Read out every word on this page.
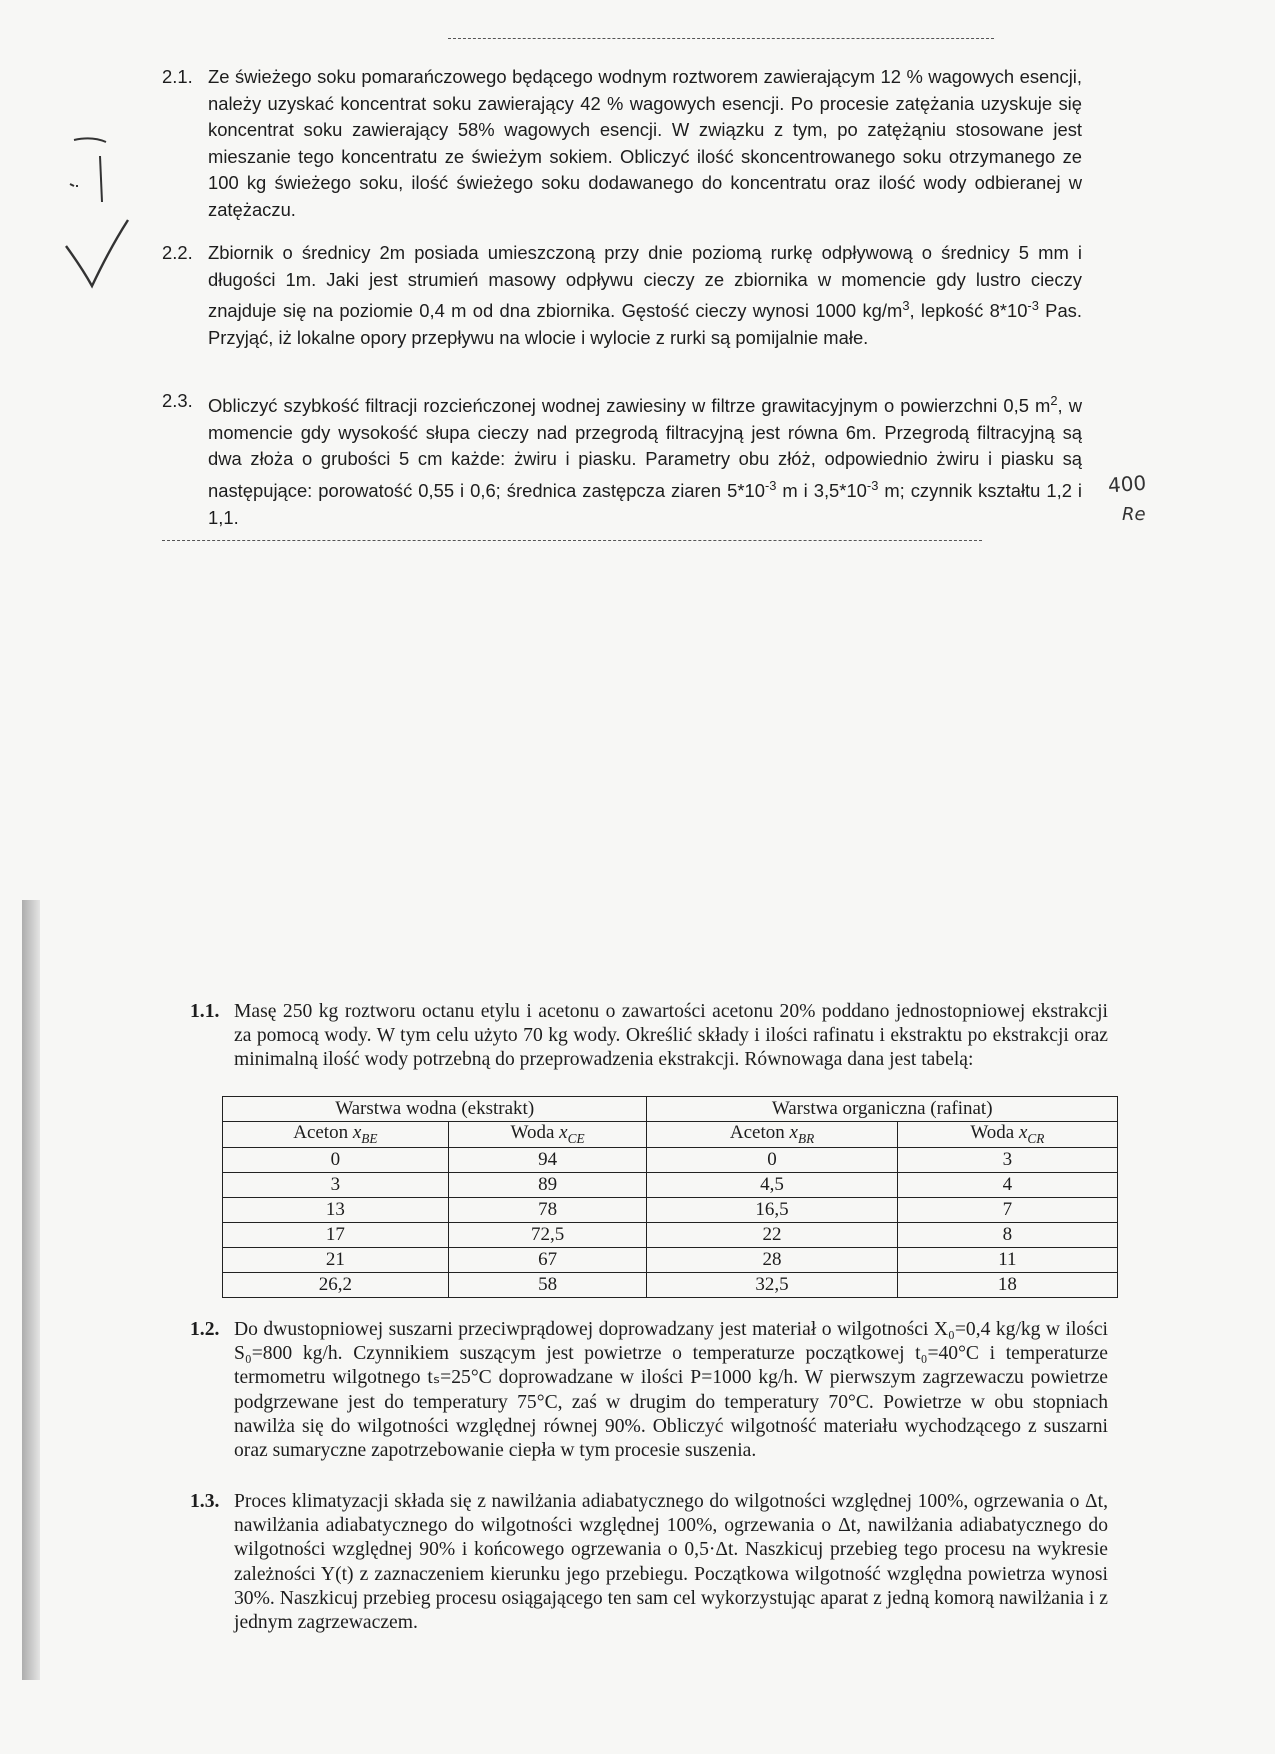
400
Re
2.1. Ze świeżego soku pomarańczowego będącego wodnym roztworem zawierającym 12 % wagowych esencji, należy uzyskać koncentrat soku zawierający 42 % wagowych esencji. Po procesie zatężania uzyskuje się koncentrat soku zawierający 58% wagowych esencji. W związku z tym, po zatężąniu stosowane jest mieszanie tego koncentratu ze świeżym sokiem. Obliczyć ilość skoncentrowanego soku otrzymanego ze 100 kg świeżego soku, ilość świeżego soku dodawanego do koncentratu oraz ilość wody odbieranej w zatężaczu.
2.2. Zbiornik o średnicy 2m posiada umieszczoną przy dnie poziomą rurkę odpływową o średnicy 5 mm i długości 1m. Jaki jest strumień masowy odpływu cieczy ze zbiornika w momencie gdy lustro cieczy znajduje się na poziomie 0,4 m od dna zbiornika. Gęstość cieczy wynosi 1000 $kg/m^3$, lepkość $8*10^{-3}$ Pas. Przyjąć, iż lokalne opory przepływu na wlocie i wylocie z rurki są pomijalnie małe.
2.3. Obliczyć szybkość filtracji rozcieńczonej wodnej zawiesiny w filtrze grawitacyjnym o powierzchni 0,5 $m^2$, w momencie gdy wysokość słupa cieczy nad przegrodą filtracyjną jest równa 6m. Przegrodą filtracyjną są dwa złoża o grubości 5 cm każde: żwiru i piasku. Parametry obu złóż, odpowiednio żwiru i piasku są następujące: porowatość 0,55 i 0,6; średnica zastępcza ziaren $5*10^{-3}$ m i $3,5*10^{-3}$ m; czynnik kształtu 1,2 i 1,1.
1.1. Masę 250 kg roztworu octanu etylu i acetonu o zawartości acetonu 20% poddano jednostopniowej ekstrakcji za pomocą wody. W tym celu użyto 70 kg wody. Określić składy i ilości rafinatu i ekstraktu po ekstrakcji oraz minimalną ilość wody potrzebną do przeprowadzenia ekstrakcji. Równowaga dana jest tabelą:
Warstwa wodna (ekstrakt)		Warstwa organiczna (rafinat)	
Aceton $x_{BE}$	Woda $x_{CE}$	Aceton $x_{BR}$	Woda $x_{CR}$
0	94	0	3
3	89	4,5	4
13	78	16,5	7
17	72,5	22	8
21	67	28	11
26,2	58	32,5	18
1.2. Do dwustopniowej suszarni przeciwprądowej doprowadzany jest materiał o wilgotności X₀=0,4 kg/kg w ilości S₀=800 kg/h. Czynnikiem suszącym jest powietrze o temperaturze początkowej t₀=40°C i temperaturze termometru wilgotnego tₛ=25°C doprowadzane w ilości P=1000 kg/h. W pierwszym zagrzewaczu powietrze podgrzewane jest do temperatury 75°C, zaś w drugim do temperatury 70°C. Powietrze w obu stopniach nawilża się do wilgotności względnej równej 90%. Obliczyć wilgotność materiału wychodzącego z suszarni oraz sumaryczne zapotrzebowanie ciepła w tym procesie suszenia.
1.3. Proces klimatyzacji składa się z nawilżania adiabatycznego do wilgotności względnej 100%, ogrzewania o Δt, nawilżania adiabatycznego do wilgotności względnej 100%, ogrzewania o Δt, nawilżania adiabatycznego do wilgotności względnej 90% i końcowego ogrzewania o 0,5·Δt. Naszkicuj przebieg tego procesu na wykresie zależności Y(t) z zaznaczeniem kierunku jego przebiegu. Początkowa wilgotność względna powietrza wynosi 30%. Naszkicuj przebieg procesu osiągającego ten sam cel wykorzystując aparat z jedną komorą nawilżania i z jednym zagrzewaczem.
